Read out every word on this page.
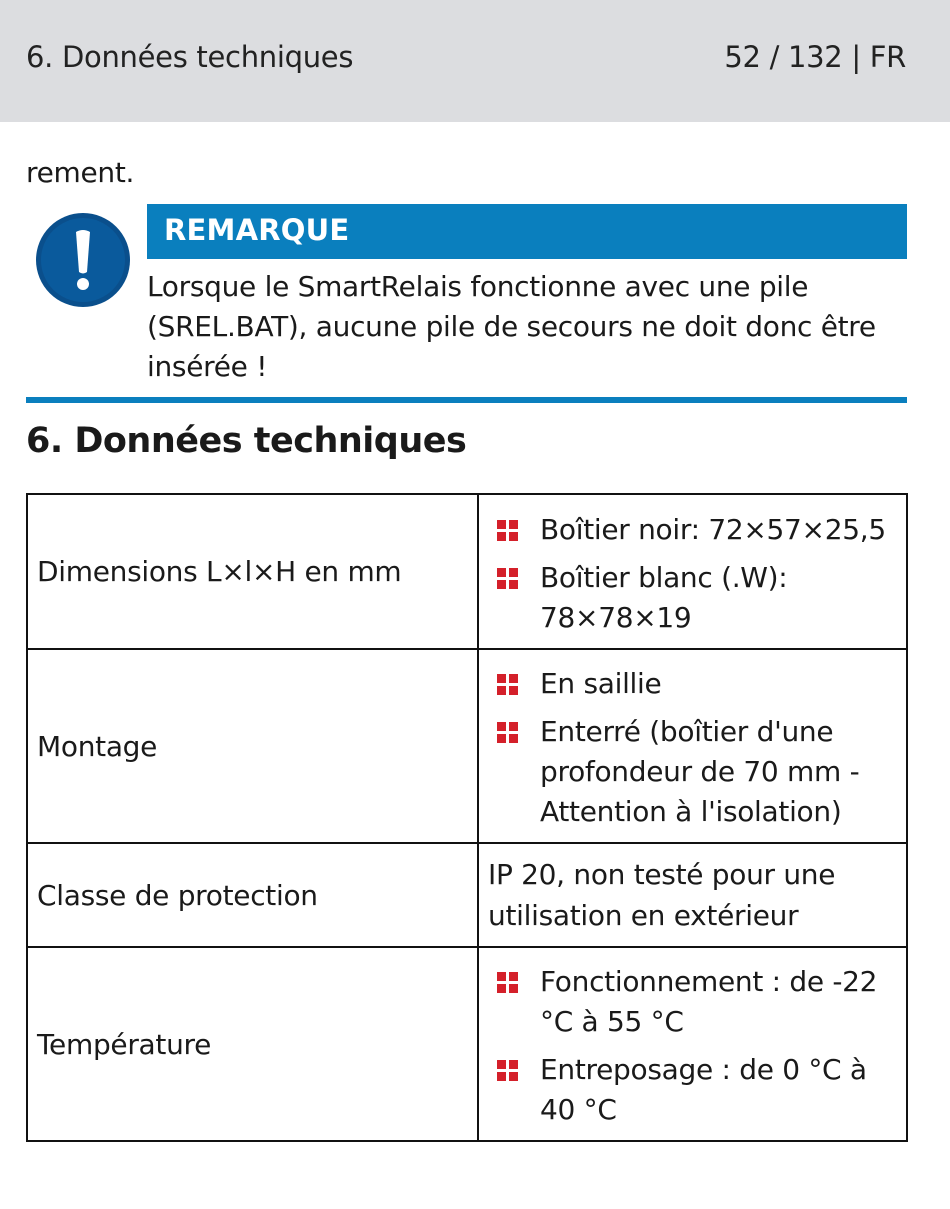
6. Données techniques	52 / 132 | FR
rement.
REMARQUE
Lorsque le SmartRelais fonctionne avec une pile (SREL.BAT), aucune pile de secours ne doit donc être insérée !
6. Données techniques
Dimensions L×l×H en mm	Boîtier noir: 72×57×25,5
Boîtier blanc (.W): 78×78×19

Montage	En saillie
Enterré (boîtier d'une profondeur de 70 mm - Attention à l'isolation)

Classe de protection	IP 20, non testé pour une utilisation en extérieur
Température	Fonctionnement : de -22 °C à 55 °C
Entreposage : de 0 °C à 40 °C
